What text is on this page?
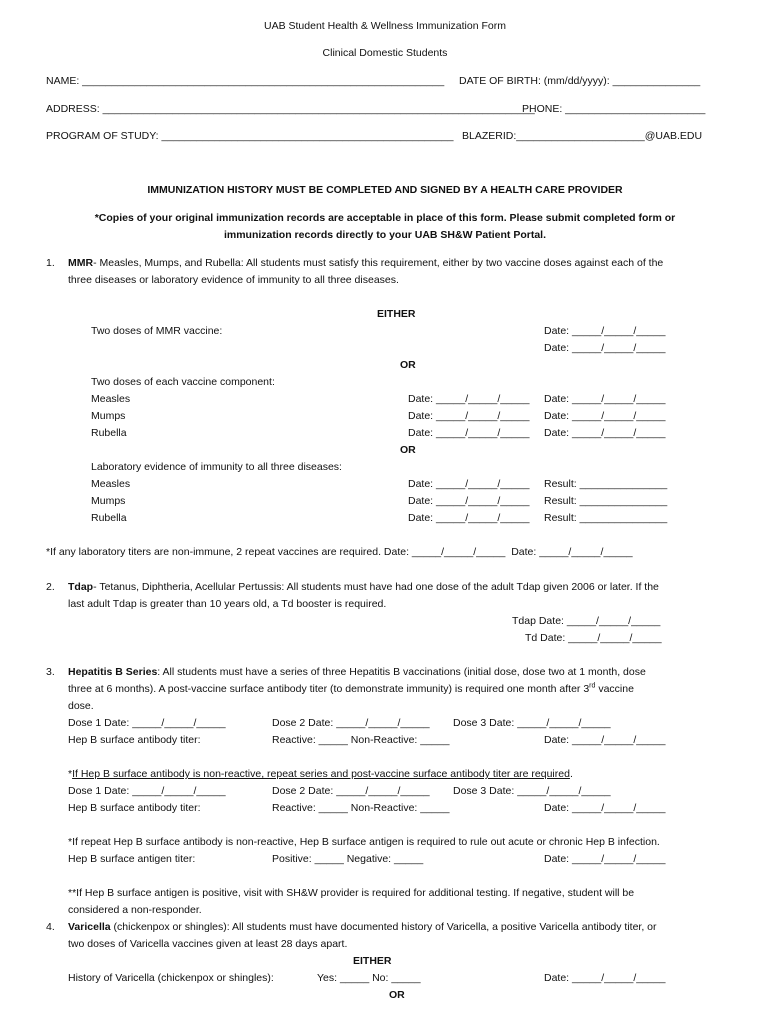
UAB Student Health & Wellness Immunization Form
Clinical Domestic Students
NAME: ______________________________________________________________ DATE OF BIRTH: (mm/dd/yyyy): _______________
ADDRESS: __________________________________________________________________________
PHONE: ________________________
PROGRAM OF STUDY: __________________________________________________ BLAZERID:______________________@UAB.EDU
IMMUNIZATION HISTORY MUST BE COMPLETED AND SIGNED BY A HEALTH CARE PROVIDER
*Copies of your original immunization records are acceptable in place of this form. Please submit completed form or
immunization records directly to your UAB SH&W Patient Portal.
1. MMR- Measles, Mumps, and Rubella: All students must satisfy this requirement, either by two vaccine doses against each of the
three diseases or laboratory evidence of immunity to all three diseases.
EITHER
Two doses of MMR vaccine:	Date: _____/_____/_____
Date: _____/_____/_____
OR
Two doses of each vaccine component:
Measles	Date: _____/_____/_____ Date: _____/_____/_____
Mumps	Date: _____/_____/_____ Date: _____/_____/_____
Rubella	Date: _____/_____/_____ Date: _____/_____/_____
OR
Laboratory evidence of immunity to all three diseases:
Measles	Date: _____/_____/_____ Result: _______________
Mumps	Date: _____/_____/_____ Result: _______________
Rubella	Date: _____/_____/_____ Result: _______________
*If any laboratory titers are non-immune, 2 repeat vaccines are required. Date: _____/_____/_____  Date: _____/_____/_____
2. Tdap- Tetanus, Diphtheria, Acellular Pertussis: All students must have had one dose of the adult Tdap given 2006 or later. If the
last adult Tdap is greater than 10 years old, a Td booster is required.
Tdap Date: _____/_____/_____
Td Date: _____/_____/_____
3. Hepatitis B Series: All students must have a series of three Hepatitis B vaccinations (initial dose, dose two at 1 month, dose
three at 6 months). A post-vaccine surface antibody titer (to demonstrate immunity) is required one month after 3rd vaccine
dose.
Dose 1 Date: _____/_____/_____	Dose 2 Date: _____/_____/_____ Dose 3 Date: _____/_____/_____
Hep B surface antibody titer:	Reactive: _____ Non-Reactive: _____	Date: _____/_____/_____
*If Hep B surface antibody is non-reactive, repeat series and post-vaccine surface antibody titer are required.
Dose 1 Date: _____/_____/_____	Dose 2 Date: _____/_____/_____ Dose 3 Date: _____/_____/_____
Hep B surface antibody titer:	Reactive: _____ Non-Reactive: _____	Date: _____/_____/_____
*If repeat Hep B surface antibody is non-reactive, Hep B surface antigen is required to rule out acute or chronic Hep B infection.
Hep B surface antigen titer:	Positive: _____ Negative: _____	Date: _____/_____/_____
**If Hep B surface antigen is positive, visit with SH&W provider is required for additional testing. If negative, student will be
considered a non-responder.
4. Varicella (chickenpox or shingles): All students must have documented history of Varicella, a positive Varicella antibody titer, or
two doses of Varicella vaccines given at least 28 days apart.
EITHER
History of Varicella (chickenpox or shingles):	Yes: _____ No: _____	Date: _____/_____/_____
OR
